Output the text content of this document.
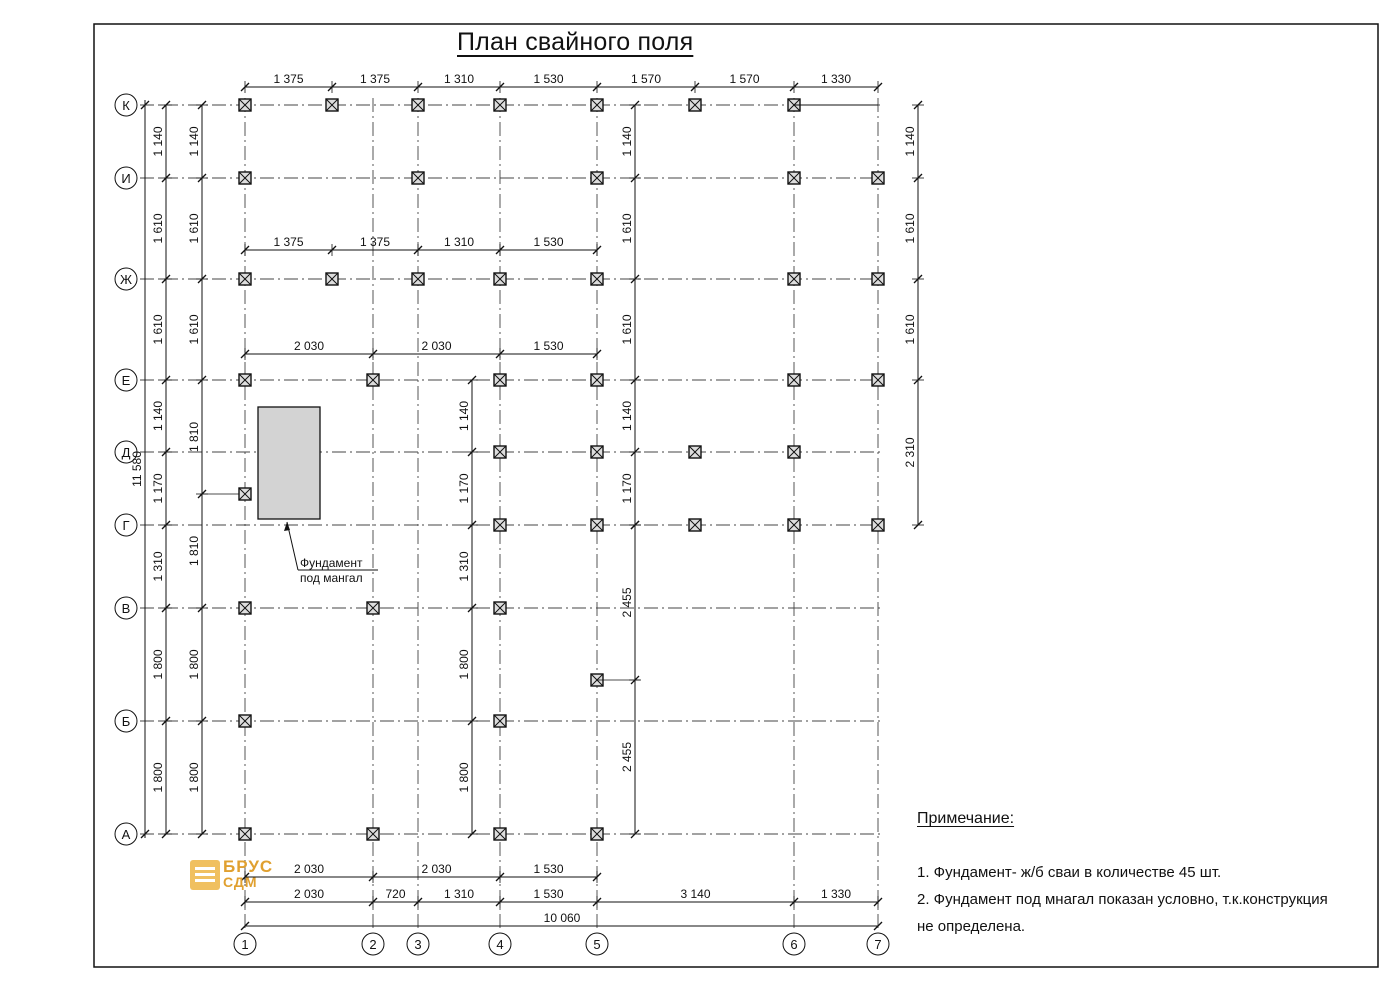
К
И
Ж
Е
Д
Г
В
Б
А
1	2	3	4	5	6	7
Фундамент
под мангал
1 375	1 375	1 310	1 530	1 570	1 570	1 330
1 375	1 375	1 310	1 530
2 030	2 030	1 530
2 030	2 030	1 530
2 030	720	1 310	1 530	3 140	1 330
10 060
1 140
1 610
1 610
1 140
1 170
1 310
1 800
1 800
1 140
1 610
1 610
1 810
1 810
1 800
1 800
1 140
1 170
1 310
1 800
1 800
1 140
1 610
1 610
1 140
1 170
2 455
2 455
1 140
1 610
1 610
2 310
11 580
План свайного поля
Примечание:
1. Фундамент- ж/б сваи в количестве 45 шт.
2. Фундамент под мнагал показан условно, т.к.конструкция
не определена.
БРУС
СДМ
